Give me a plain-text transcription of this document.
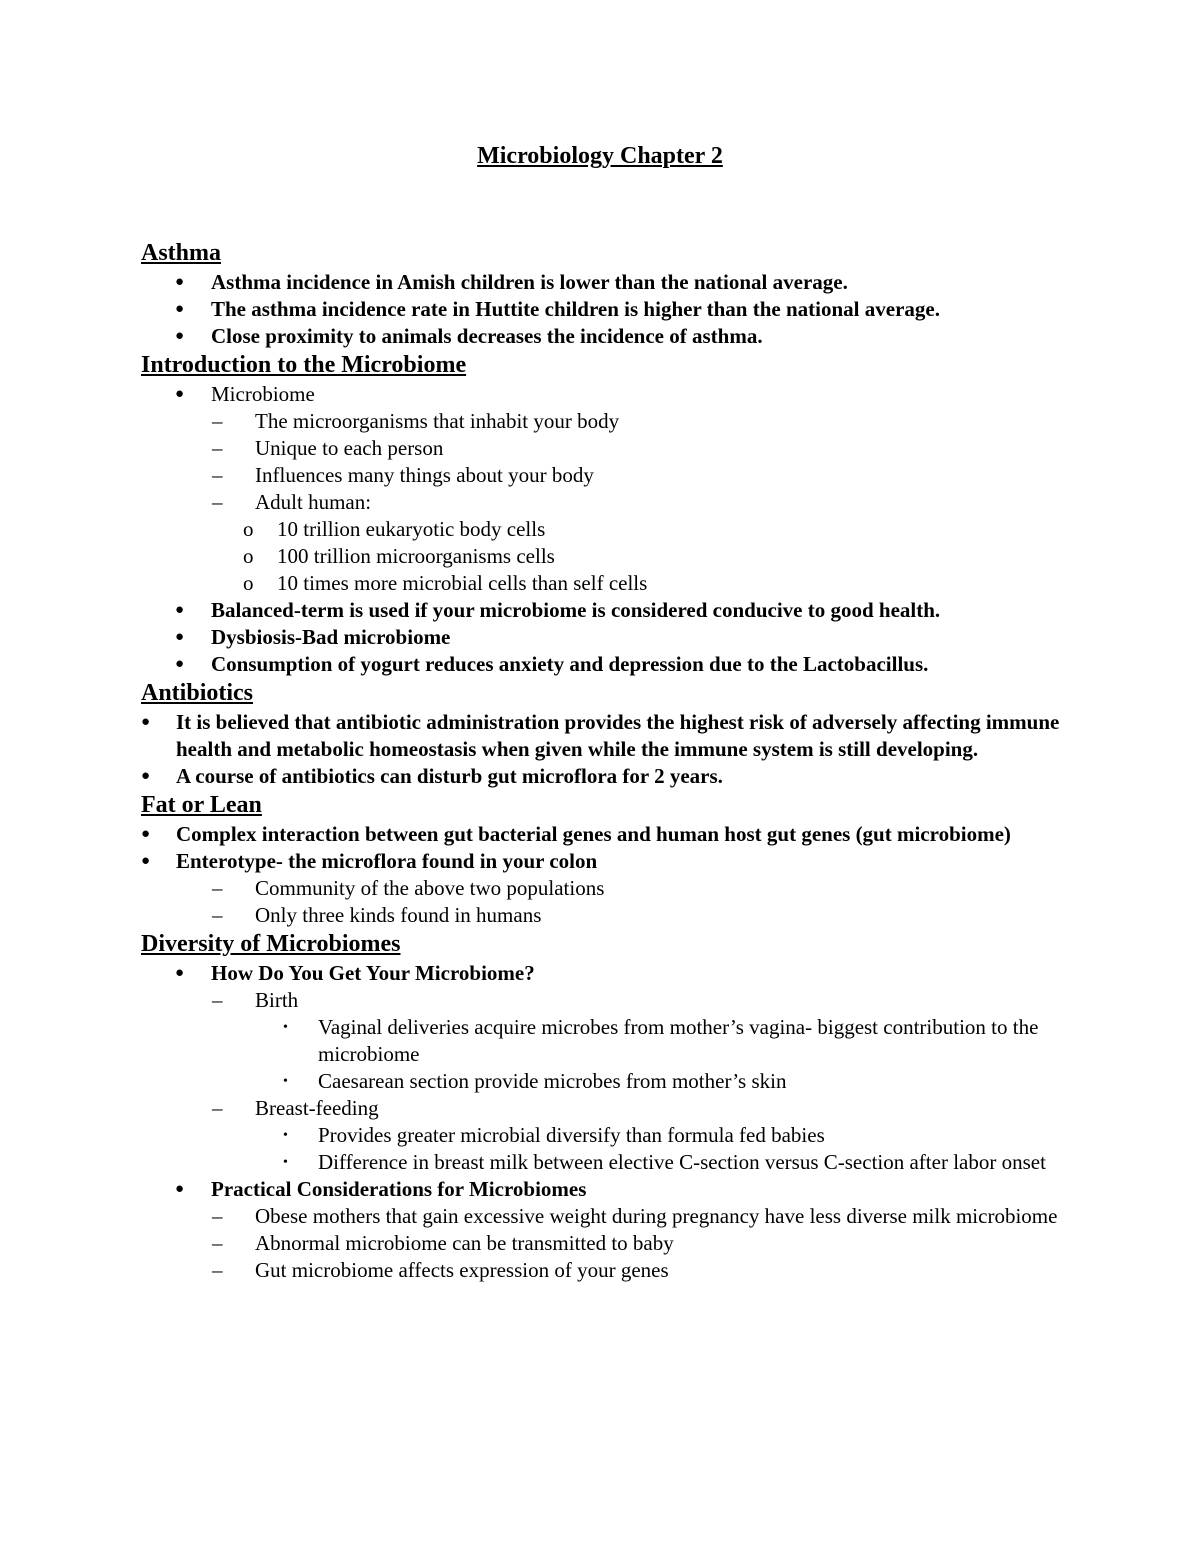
Microbiology Chapter 2
Asthma
● Asthma incidence in Amish children is lower than the national average.
● The asthma incidence rate in Huttite children is higher than the national average.
● Close proximity to animals decreases the incidence of asthma.
Introduction to the Microbiome
● Microbiome
– The microorganisms that inhabit your body
– Unique to each person
– Influences many things about your body
– Adult human:
o 10 trillion eukaryotic body cells
o 100 trillion microorganisms cells
o 10 times more microbial cells than self cells
● Balanced-term is used if your microbiome is considered conducive to good health.
● Dysbiosis-Bad microbiome
● Consumption of yogurt reduces anxiety and depression due to the Lactobacillus.
Antibiotics
● It is believed that antibiotic administration provides the highest risk of adversely affecting immune health and metabolic homeostasis when given while the immune system is still developing.
● A course of antibiotics can disturb gut microflora for 2 years.
Fat or Lean
● Complex interaction between gut bacterial genes and human host gut genes (gut microbiome)
● Enterotype- the microflora found in your colon
– Community of the above two populations
– Only three kinds found in humans
Diversity of Microbiomes
● How Do You Get Your Microbiome?
– Birth
• Vaginal deliveries acquire microbes from mother’s vagina- biggest contribution to the microbiome
• Caesarean section provide microbes from mother’s skin
– Breast-feeding
• Provides greater microbial diversify than formula fed babies
• Difference in breast milk between elective C-section versus C-section after labor onset
● Practical Considerations for Microbiomes
– Obese mothers that gain excessive weight during pregnancy have less diverse milk microbiome
– Abnormal microbiome can be transmitted to baby
– Gut microbiome affects expression of your genes
